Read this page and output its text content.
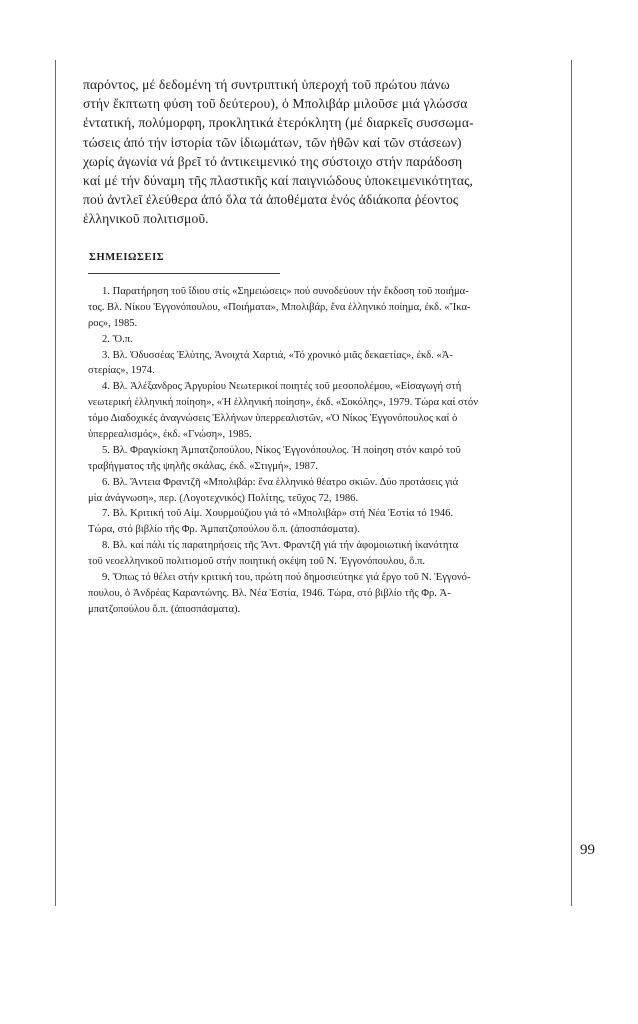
παρόντος, μέ δεδομένη τή συντριπτική ὑπεροχή τοῦ πρώτου πάνω
στήν ἔκπτωτη φύση τοῦ δεύτερου), ὁ Μπολιβάρ μιλοῦσε μιά γλώσσα
ἐντατική, πολύμορφη, προκλητικά ἑτερόκλητη (μέ διαρκεῖς συσσωμα-
τώσεις ἀπό τήν ἱστορία τῶν ἰδιωμάτων, τῶν ἠθῶν καί τῶν στάσεων)
χωρίς ἀγωνία νά βρεῖ τό ἀντικειμενικό της σύστοιχο στήν παράδοση
καί μέ τήν δύναμη τῆς πλαστικῆς καί παιγνιώδους ὑποκειμενικότητας,
πού ἀντλεῖ ἐλεύθερα ἀπό ὅλα τά ἀποθέματα ἑνός ἀδιάκοπα ῥέοντος
ἑλληνικοῦ πολιτισμοῦ.
ΣΗΜΕΙΩΣΕΙΣ
1. Παρατήρηση τοῦ ἴδιου στίς «Σημειώσεις» πού συνοδεύουν τήν ἔκδοση τοῦ ποιήμα-
τος. Βλ. Νίκου Ἐγγονόπουλου, «Ποιήματα», Μπολιβάρ, ἕνα ἑλληνικό ποίημα, ἐκδ. «Ἴκα-
ρος», 1985.
2. Ὅ.π.
3. Βλ. Ὀδυσσέας Ἐλύτης, Ἀνοιχτά Χαρτιά, «Τό χρονικό μιᾶς δεκαετίας», ἐκδ. «Ἀ-
στερίας», 1974.
4. Βλ. Ἀλέξανδρος Ἀργυρίου Νεωτερικοί ποιητές τοῦ μεσοπολέμου, «Εἰσαγωγή στή
νεωτερική ἑλληνική ποίηση», «Ἡ ἑλληνική ποίηση», ἐκδ. «Σοκόλης», 1979. Τώρα καί στόν
τόμο Διαδοχικές ἀναγνώσεις Ἑλλήνων ὑπερρεαλιστῶν, «Ὁ Νίκος Ἐγγονόπουλος καί ὁ
ὑπερρεαλισμός», ἐκδ. «Γνώση», 1985.
5. Βλ. Φραγκίσκη Ἀμπατζοπούλου, Νίκος Ἐγγονόπουλος. Ἡ ποίηση στόν καιρό τοῦ
τραβήγματος τῆς ψηλῆς σκάλας, ἐκδ. «Στιγμή», 1987.
6. Βλ. Ἄντεια Φραντζῆ «Μπολιβάρ: ἕνα ἑλληνικό θέατρο σκιῶν. Δύο προτάσεις γιά
μία ἀνάγνωση», περ. (Λογοτεχνικός) Πολίτης, τεῦχος 72, 1986.
7. Βλ. Κριτική τοῦ Αἰμ. Χουρμούζιου γιά τό «Μπολιβάρ» στή Νέα Ἑστία τό 1946.
Τώρα, στό βιβλίο τῆς Φρ. Ἀμπατζοπούλου ὅ.π. (ἀποσπάσματα).
8. Βλ. καί πάλι τίς παρατηρήσεις τῆς Ἄντ. Φραντζῆ γιά τήν ἀφομοιωτική ἱκανότητα
τοῦ νεοελληνικοῦ πολιτισμοῦ στήν ποιητική σκέψη τοῦ Ν. Ἐγγονόπουλου, ὅ.π.
9. Ὅπως τό θέλει στήν κριτική του, πρώτη πού δημοσιεύτηκε γιά ἔργο τοῦ Ν. Ἐγγονό-
πουλου, ὁ Ἀνδρέας Καραντώνης. Βλ. Νέα Ἑστία, 1946. Τώρα, στό βιβλίο τῆς Φρ. Ἀ-
μπατζοπούλου ὅ.π. (ἀποσπάσματα).
99
